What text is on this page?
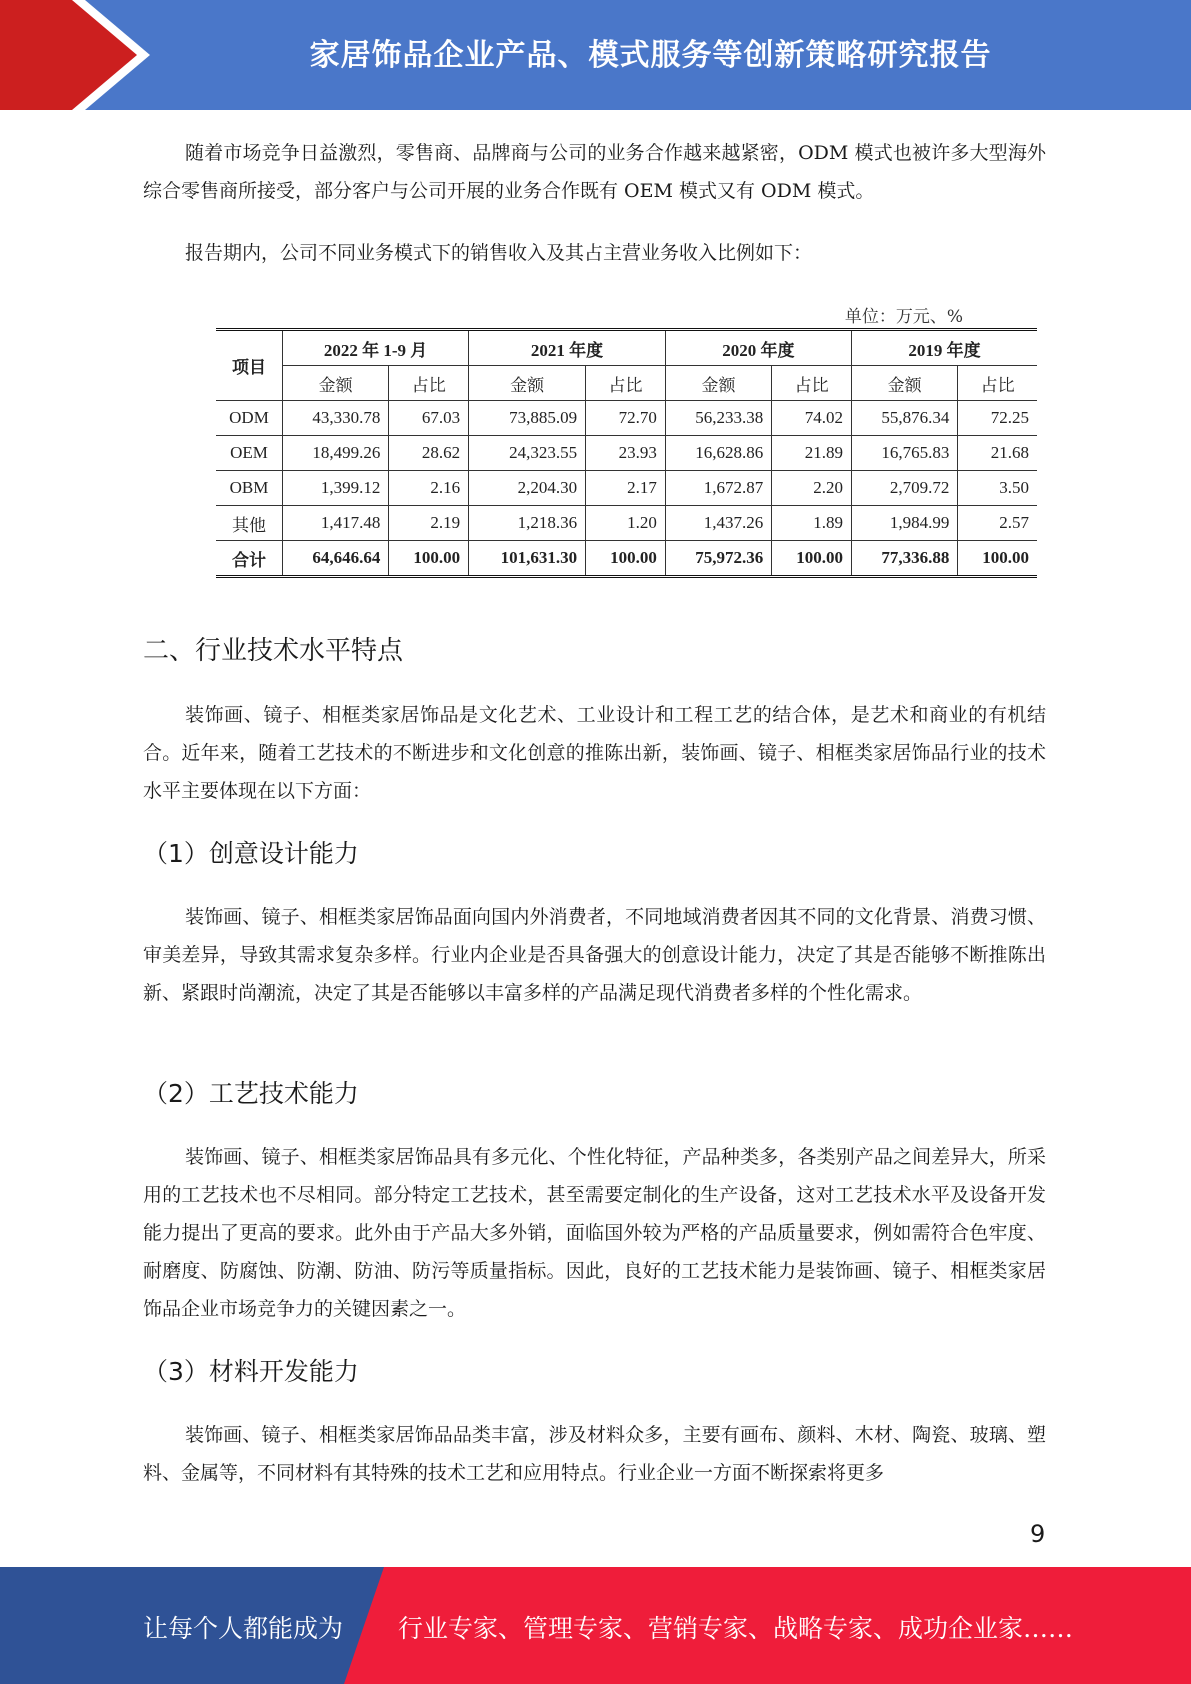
家居饰品企业产品、模式服务等创新策略研究报告

随着市场竞争日益激烈，零售商、品牌商与公司的业务合作越来越紧密，ODM 模式也被许多大型海外综合零售商所接受，部分客户与公司开展的业务合作既有 OEM 模式又有 ODM 模式。

报告期内，公司不同业务模式下的销售收入及其占主营业务收入比例如下：

单位：万元、%
项目	2022 年 1-9 月		2021 年度		2020 年度		2019 年度	
	金额	占比	金额	占比	金额	占比	金额	占比
ODM	43,330.78	67.03	73,885.09	72.70	56,233.38	74.02	55,876.34	72.25
OEM	18,499.26	28.62	24,323.55	23.93	16,628.86	21.89	16,765.83	21.68
OBM	1,399.12	2.16	2,204.30	2.17	1,672.87	2.20	2,709.72	3.50
其他	1,417.48	2.19	1,218.36	1.20	1,437.26	1.89	1,984.99	2.57
合计	64,646.64	100.00	101,631.30	100.00	75,972.36	100.00	77,336.88	100.00
二、行业技术水平特点

装饰画、镜子、相框类家居饰品是文化艺术、工业设计和工程工艺的结合体，是艺术和商业的有机结合。近年来，随着工艺技术的不断进步和文化创意的推陈出新，装饰画、镜子、相框类家居饰品行业的技术水平主要体现在以下方面：

（1）创意设计能力

装饰画、镜子、相框类家居饰品面向国内外消费者，不同地域消费者因其不同的文化背景、消费习惯、审美差异，导致其需求复杂多样。行业内企业是否具备强大的创意设计能力，决定了其是否能够不断推陈出新、紧跟时尚潮流，决定了其是否能够以丰富多样的产品满足现代消费者多样的个性化需求。

（2）工艺技术能力

装饰画、镜子、相框类家居饰品具有多元化、个性化特征，产品种类多，各类别产品之间差异大，所采用的工艺技术也不尽相同。部分特定工艺技术，甚至需要定制化的生产设备，这对工艺技术水平及设备开发能力提出了更高的要求。此外由于产品大多外销，面临国外较为严格的产品质量要求，例如需符合色牢度、耐磨度、防腐蚀、防潮、防油、防污等质量指标。因此，良好的工艺技术能力是装饰画、镜子、相框类家居饰品企业市场竞争力的关键因素之一。

（3）材料开发能力

装饰画、镜子、相框类家居饰品品类丰富，涉及材料众多，主要有画布、颜料、木材、陶瓷、玻璃、塑料、金属等，不同材料有其特殊的技术工艺和应用特点。行业企业一方面不断探索将更多

9
让每个人都能成为 行业专家、管理专家、营销专家、战略专家、成功企业家……
